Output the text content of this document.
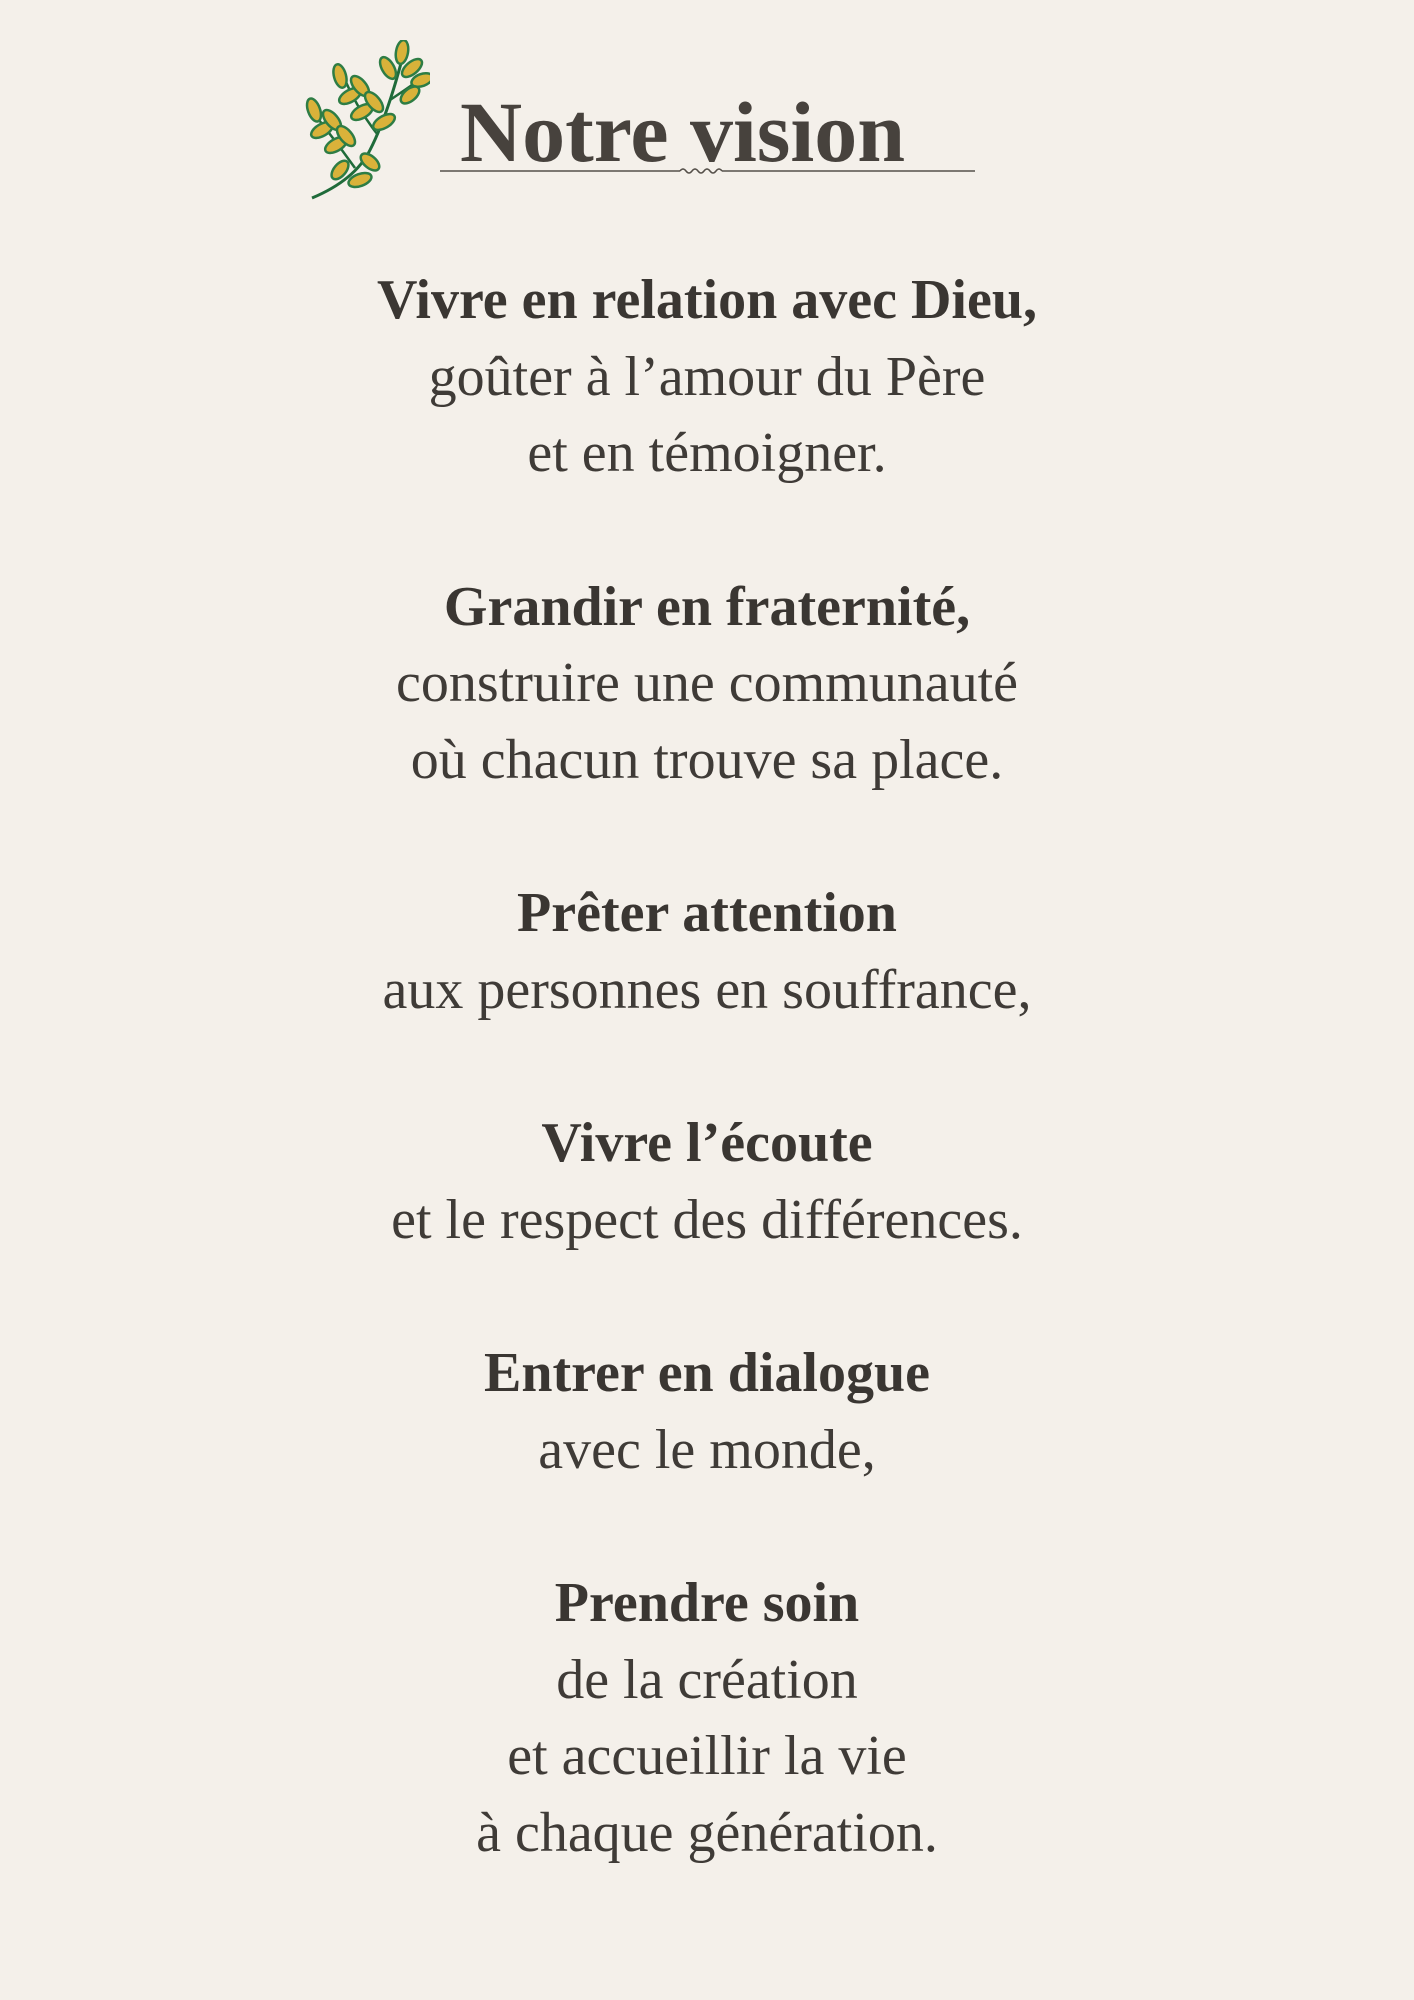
Notre vision
Vivre en relation avec Dieu,
goûter à l’amour du Père
et en témoigner.
Grandir en fraternité,
construire une communauté
où chacun trouve sa place.
Prêter attention
aux personnes en souffrance,
Vivre l’écoute
et le respect des différences.
Entrer en dialogue
avec le monde,
Prendre soin
de la création
et accueillir la vie
à chaque génération.
